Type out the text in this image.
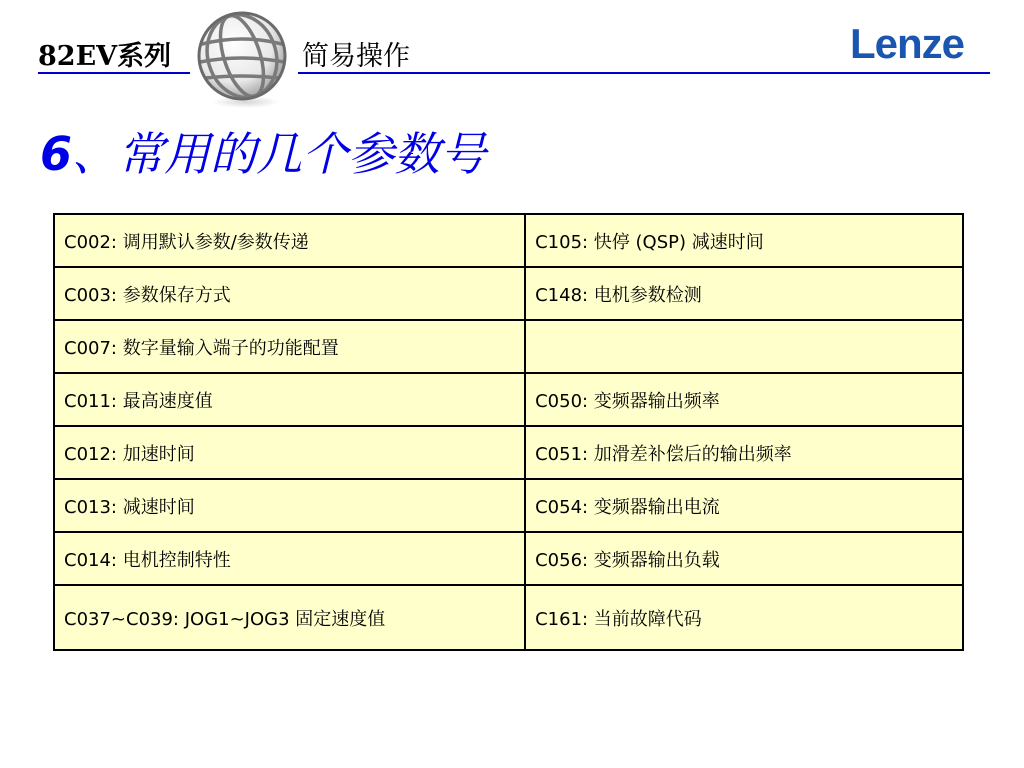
82EV系列	简易操作	Lenze
6、常用的几个参数号
C002: 调用默认参数/参数传递	C105: 快停 (QSP) 减速时间
C003: 参数保存方式	C148: 电机参数检测
C007: 数字量输入端子的功能配置	
C011: 最高速度值	C050: 变频器输出频率
C012: 加速时间	C051: 加滑差补偿后的输出频率
C013: 减速时间	C054: 变频器输出电流
C014: 电机控制特性	C056: 变频器输出负载
C037~C039: JOG1~JOG3 固定速度值	C161: 当前故障代码
